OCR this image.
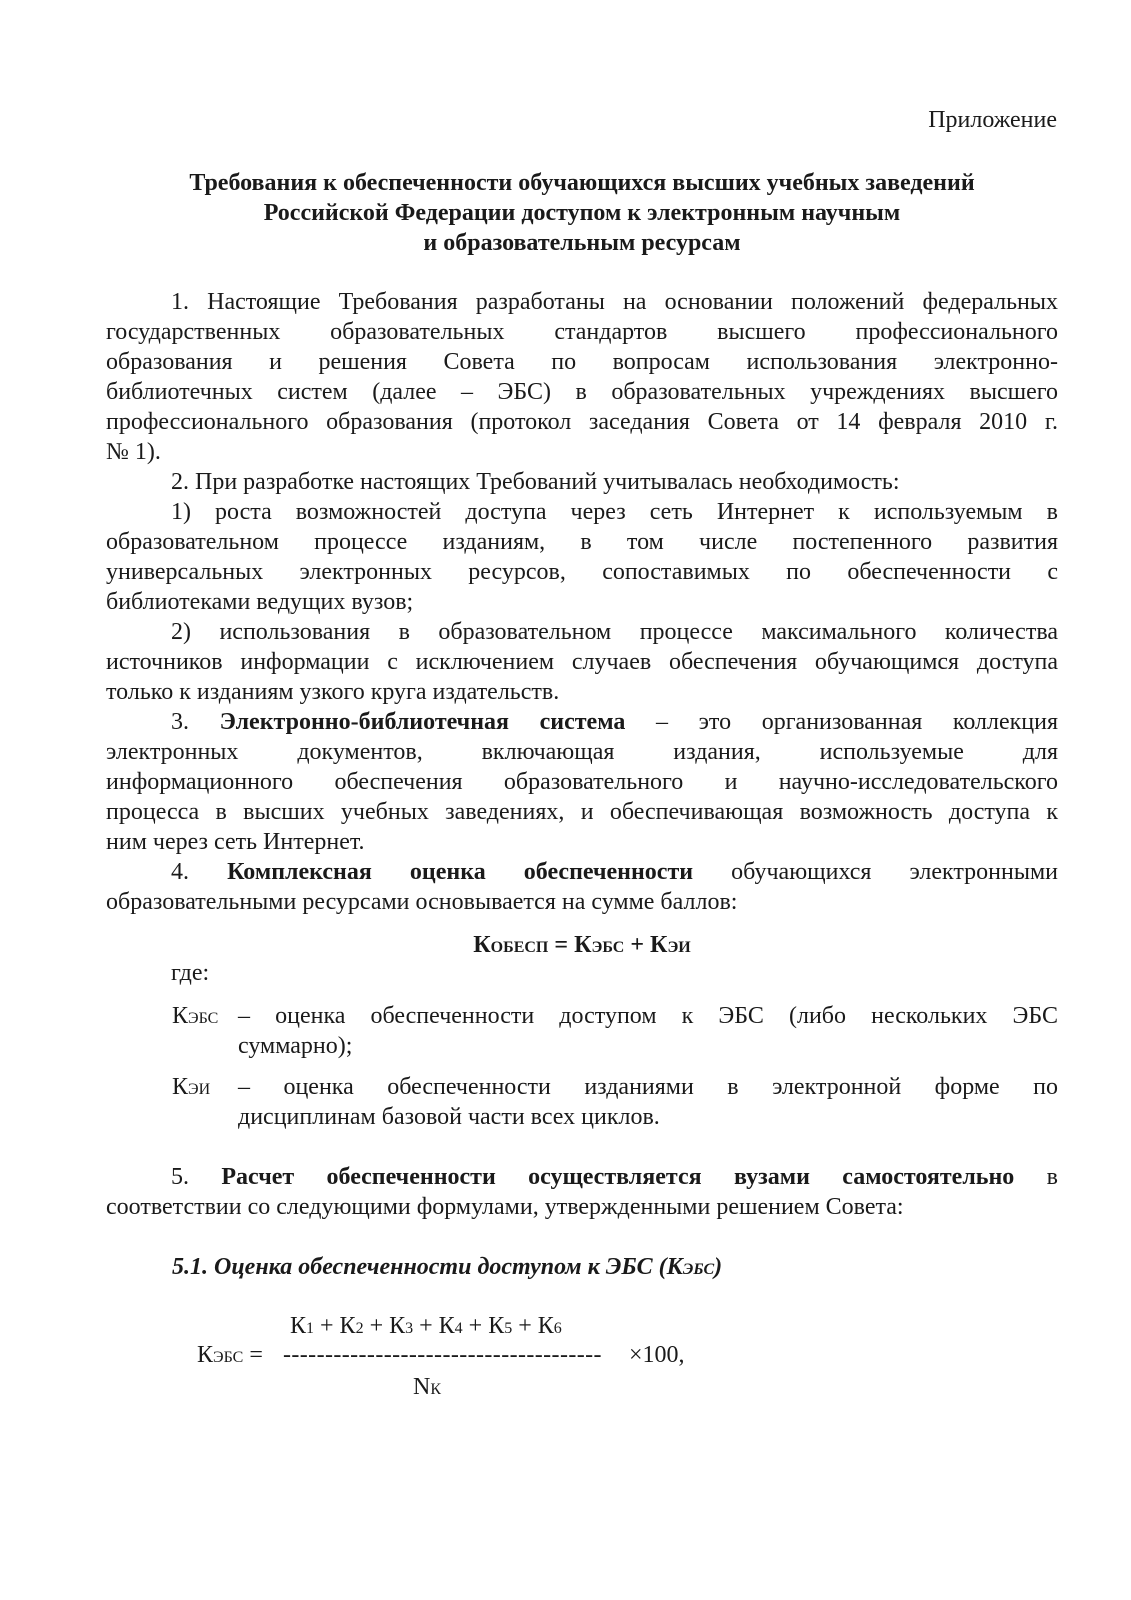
Приложение
Требования к обеспеченности обучающихся высших учебных заведений
Российской Федерации доступом к электронным научным
и образовательным ресурсам
1. Настоящие Требования разработаны на основании положений федеральных
государственных образовательных стандартов высшего профессионального
образования и решения Совета по вопросам использования электронно-
библиотечных систем (далее – ЭБС) в образовательных учреждениях высшего
профессионального образования (протокол заседания Совета от 14 февраля 2010 г.
№ 1).
2. При разработке настоящих Требований учитывалась необходимость:
1) роста возможностей доступа через сеть Интернет к используемым в
образовательном процессе изданиям, в том числе постепенного развития
универсальных электронных ресурсов, сопоставимых по обеспеченности с
библиотеками ведущих вузов;
2) использования в образовательном процессе максимального количества
источников информации с исключением случаев обеспечения обучающимся доступа
только к изданиям узкого круга издательств.
3. Электронно-библиотечная система – это организованная коллекция
электронных документов, включающая издания, используемые для
информационного обеспечения образовательного и научно-исследовательского
процесса в высших учебных заведениях, и обеспечивающая возможность доступа к
ним через сеть Интернет.
4. Комплексная оценка обеспеченности обучающихся электронными
образовательными ресурсами основывается на сумме баллов:
КОБЕСП = КЭБС + КЭИ
где:
КЭБС – оценка обеспеченности доступом к ЭБС (либо нескольких ЭБС
суммарно);
КЭИ – оценка обеспеченности изданиями в электронной форме по
дисциплинам базовой части всех циклов.
5. Расчет обеспеченности осуществляется вузами самостоятельно в
соответствии со следующими формулами, утвержденными решением Совета:
5.1. Оценка обеспеченности доступом к ЭБС (КЭБС)
К1 + К2 + К3 + К4 + К5 + К6
КЭБС = -------------------------------------- ×100,
NК
